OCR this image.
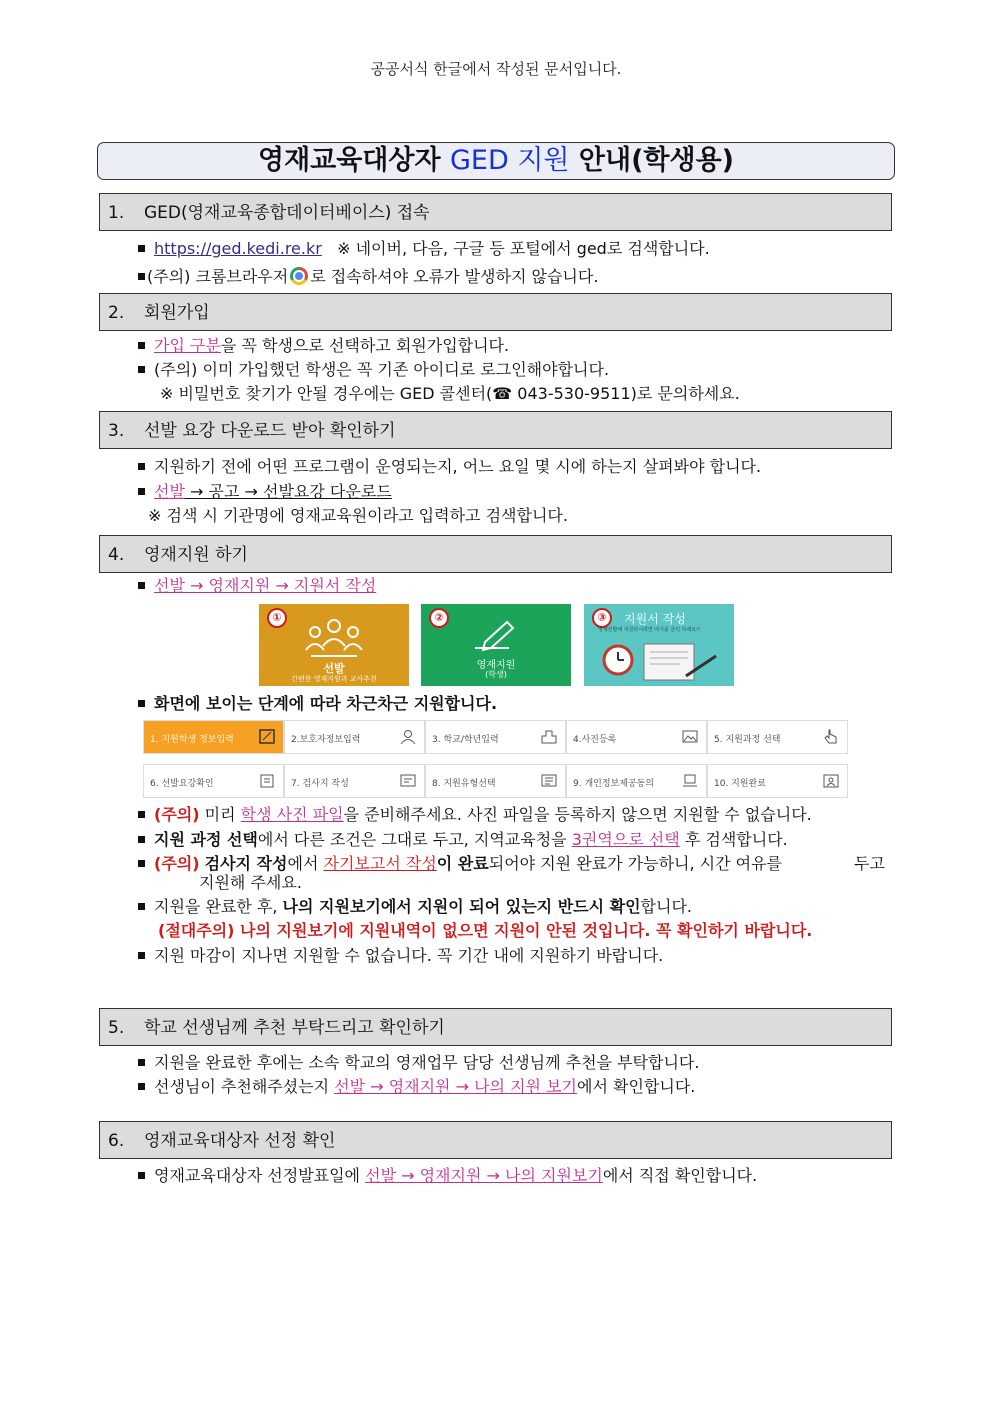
공공서식 한글에서 작성된 문서입니다.
영재교육대상자 GED 지원 안내(학생용)
1. GED(영재교육종합데이터베이스) 접속
https://ged.kedi.re.kr ※ 네이버, 다음, 구글 등 포털에서 ged로 검색합니다.
(주의) 크롬브라우저 로 접속하셔야 오류가 발생하지 않습니다.
2. 회원가입
가입 구분을 꼭 학생으로 선택하고 회원가입합니다.
(주의) 이미 가입했던 학생은 꼭 기존 아이디로 로그인해야합니다.
※ 비밀번호 찾기가 안될 경우에는 GED 콜센터(☎ 043-530-9511)로 문의하세요.
3. 선발 요강 다운로드 받아 확인하기
지원하기 전에 어떤 프로그램이 운영되는지, 어느 요일 몇 시에 하는지 살펴봐야 합니다.
선발 → 공고 → 선발요강 다운로드
※ 검색 시 기관명에 영재교육원이라고 입력하고 검색합니다.
4. 영재지원 하기
선발 → 영재지원 → 지원서 작성
①
선발
간편한 영재지원과 교사추천
②
영재지원
(학생)
③	지원서 작성
영재선발에 지원하시려면 여기를 클릭 하세요!!
화면에 보이는 단계에 따라 차근차근 지원합니다.
1. 지원학생 정보입력	2.보호자정보입력	3. 학교/학년입력	4.사진등록	5. 지원과정 선택
6. 선발요강확인	7. 검사지 작성	8. 지원유형선택	9. 개인정보제공동의	10. 지원완료
(주의) 미리 학생 사진 파일을 준비해주세요. 사진 파일을 등록하지 않으면 지원할 수 없습니다.
지원 과정 선택에서 다른 조건은 그대로 두고, 지역교육청을 3권역으로 선택 후 검색합니다.
(주의) 검사지 작성에서 자기보고서 작성이 완료되어야 지원 완료가 가능하니, 시간 여유를	두고
지원해 주세요.
지원을 완료한 후, 나의 지원보기에서 지원이 되어 있는지 반드시 확인합니다.
(절대주의) 나의 지원보기에 지원내역이 없으면 지원이 안된 것입니다. 꼭 확인하기 바랍니다.
지원 마감이 지나면 지원할 수 없습니다. 꼭 기간 내에 지원하기 바랍니다.
5. 학교 선생님께 추천 부탁드리고 확인하기
지원을 완료한 후에는 소속 학교의 영재업무 담당 선생님께 추천을 부탁합니다.
선생님이 추천해주셨는지 선발 → 영재지원 → 나의 지원 보기에서 확인합니다.
6. 영재교육대상자 선정 확인
영재교육대상자 선정발표일에 선발 → 영재지원 → 나의 지원보기에서 직접 확인합니다.
